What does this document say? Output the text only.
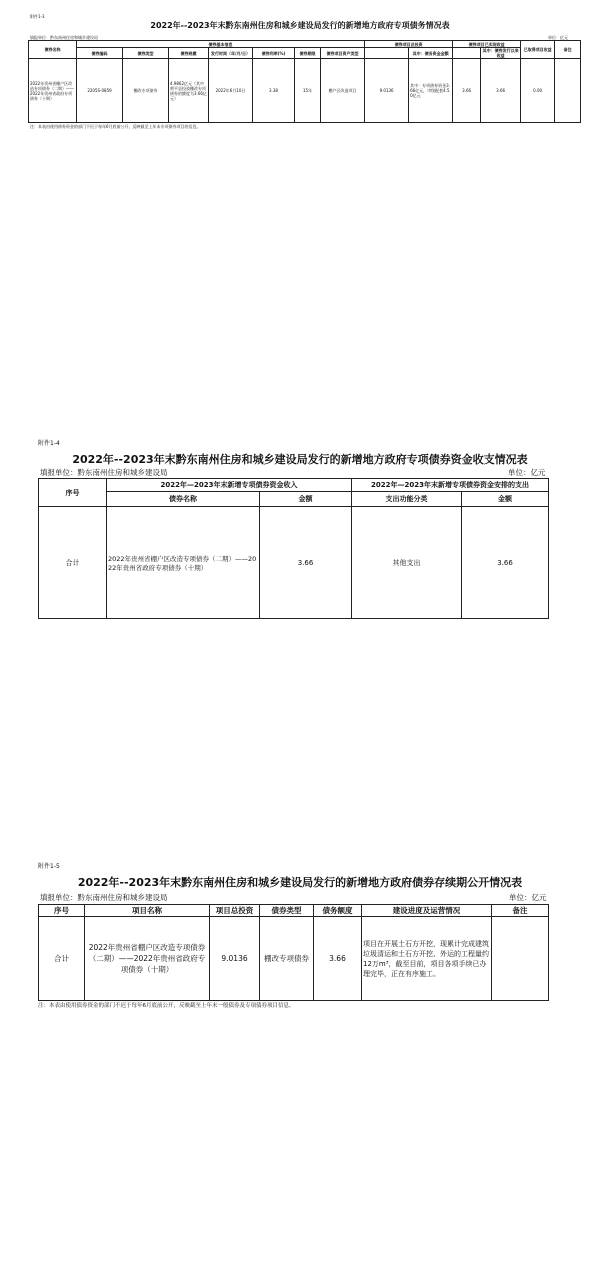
附件1-3
2022年--2023年末黔东南州住房和城乡建设局发行的新增地方政府专项债务情况表
填报单位：黔东南州住房和城乡建设局	单位：亿元
债券名称	债券基本信息							债券项目总投资		债券项目已实现收益		已取得项目收益	备注
	债券编码	债券类型	债券规模	发行时间（年/月/日）	债券利率(%)	债券期限	债券项目资产类型		其中：债务资金金额		其中：债券发行以来收益		
2022年贵州省棚户区改造专项债券（二期）——2022年贵州省政府专项债券（十期）	2205S-0859	棚改专项债券	4.9862亿元（其中黄平县投放棚改专项债券的额度为3.66亿元）	2022年6月10日	3.38	15年	棚户区改造项目	9.0136	其中：专项债券资金3.66亿元，市级配套4.50亿元	3.66	3.66	0.00	
注：本表由使用债券资金的部门不迟于每年6月底前公开，反映截至上年末专项债券项目的信息。
附件1-4
2022年--2023年末黔东南州住房和城乡建设局发行的新增地方政府专项债券资金收支情况表
填报单位：黔东南州住房和城乡建设局	单位：亿元
序号	2022年—2023年末新增专项债券资金收入		2022年—2023年末新增专项债券资金安排的支出	
	债券名称	金额	支出功能分类	金额
合计	2022年贵州省棚户区改造专项债券（二期）——2022年贵州省政府专项债券（十期）	3.66	其他支出	3.66
附件1-5
2022年--2023年末黔东南州住房和城乡建设局发行的新增地方政府债券存续期公开情况表
填报单位：黔东南州住房和城乡建设局	单位：亿元
序号	项目名称	项目总投资	债券类型	债务额度	建设进度及运营情况	备注
合计	2022年贵州省棚户区改造专项债券（二期）——2022年贵州省政府专项债券（十期）	9.0136	棚改专项债券	3.66	项目在开展土石方开挖，现累计完成建筑垃圾清运和土石方开挖、外运的工程量约12万m³，截至目前，项目各项手续已办理完毕，正在有序施工。	
注：本表由使用债券资金的部门不迟于每年6月底前公开，反映截至上年末一般债券及专项债券项目信息。
